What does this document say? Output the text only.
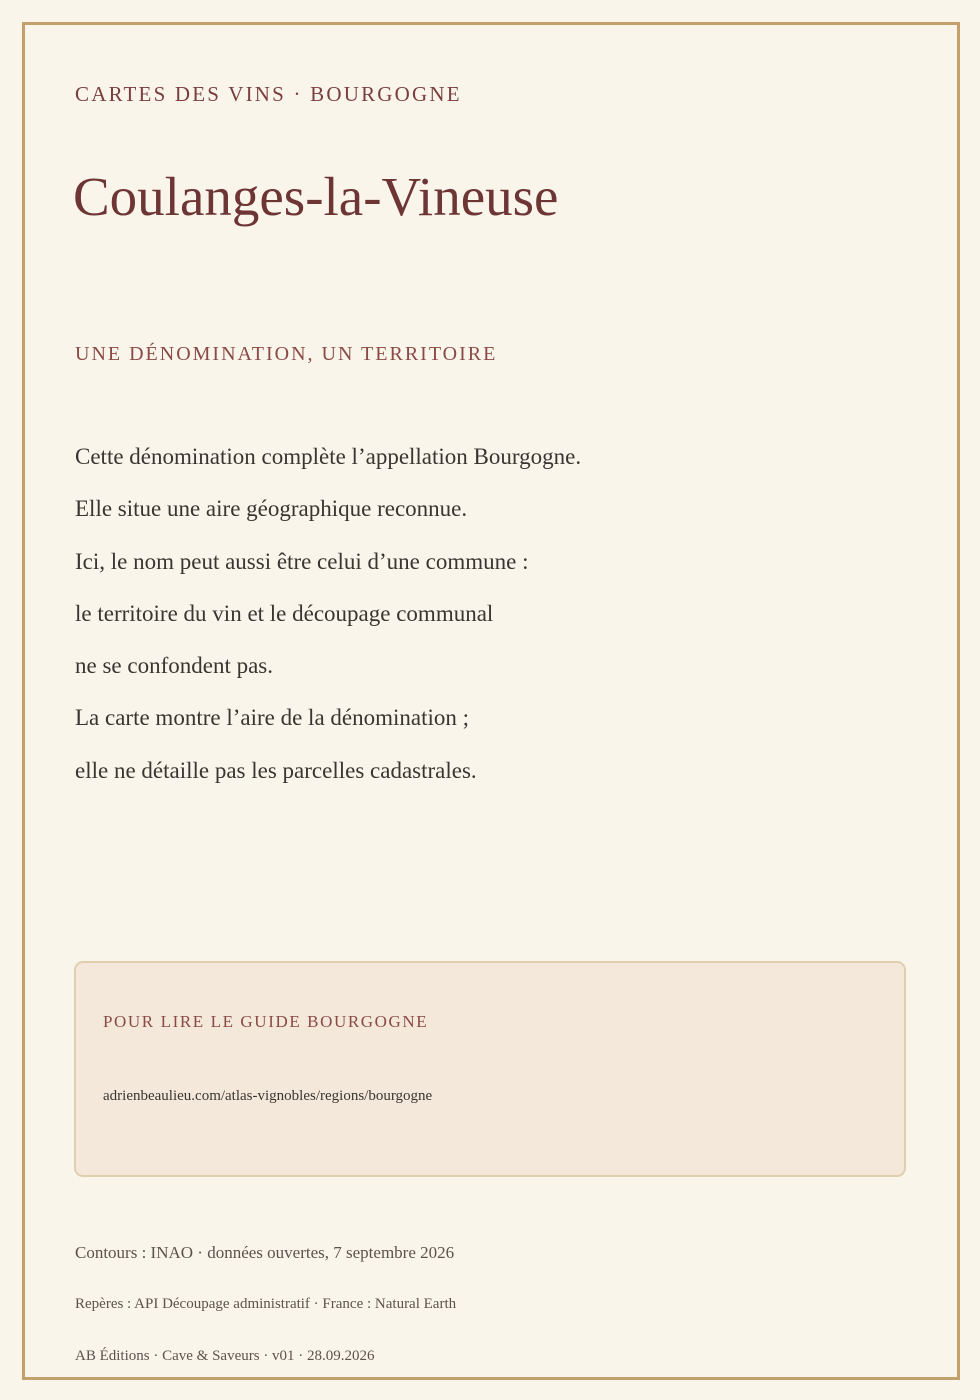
CARTES DES VINS · BOURGOGNE
Coulanges-la-Vineuse
UNE DÉNOMINATION, UN TERRITOIRE
Cette dénomination complète l’appellation Bourgogne.
Elle situe une aire géographique reconnue.
Ici, le nom peut aussi être celui d’une commune :
le territoire du vin et le découpage communal
ne se confondent pas.
La carte montre l’aire de la dénomination ;
elle ne détaille pas les parcelles cadastrales.
POUR LIRE LE GUIDE BOURGOGNE
adrienbeaulieu.com/atlas-vignobles/regions/bourgogne

Contours : INAO · données ouvertes, 7 septembre 2026

Repères : API Découpage administratif · France : Natural Earth

AB Éditions · Cave & Saveurs · v01 · 28.09.2026
